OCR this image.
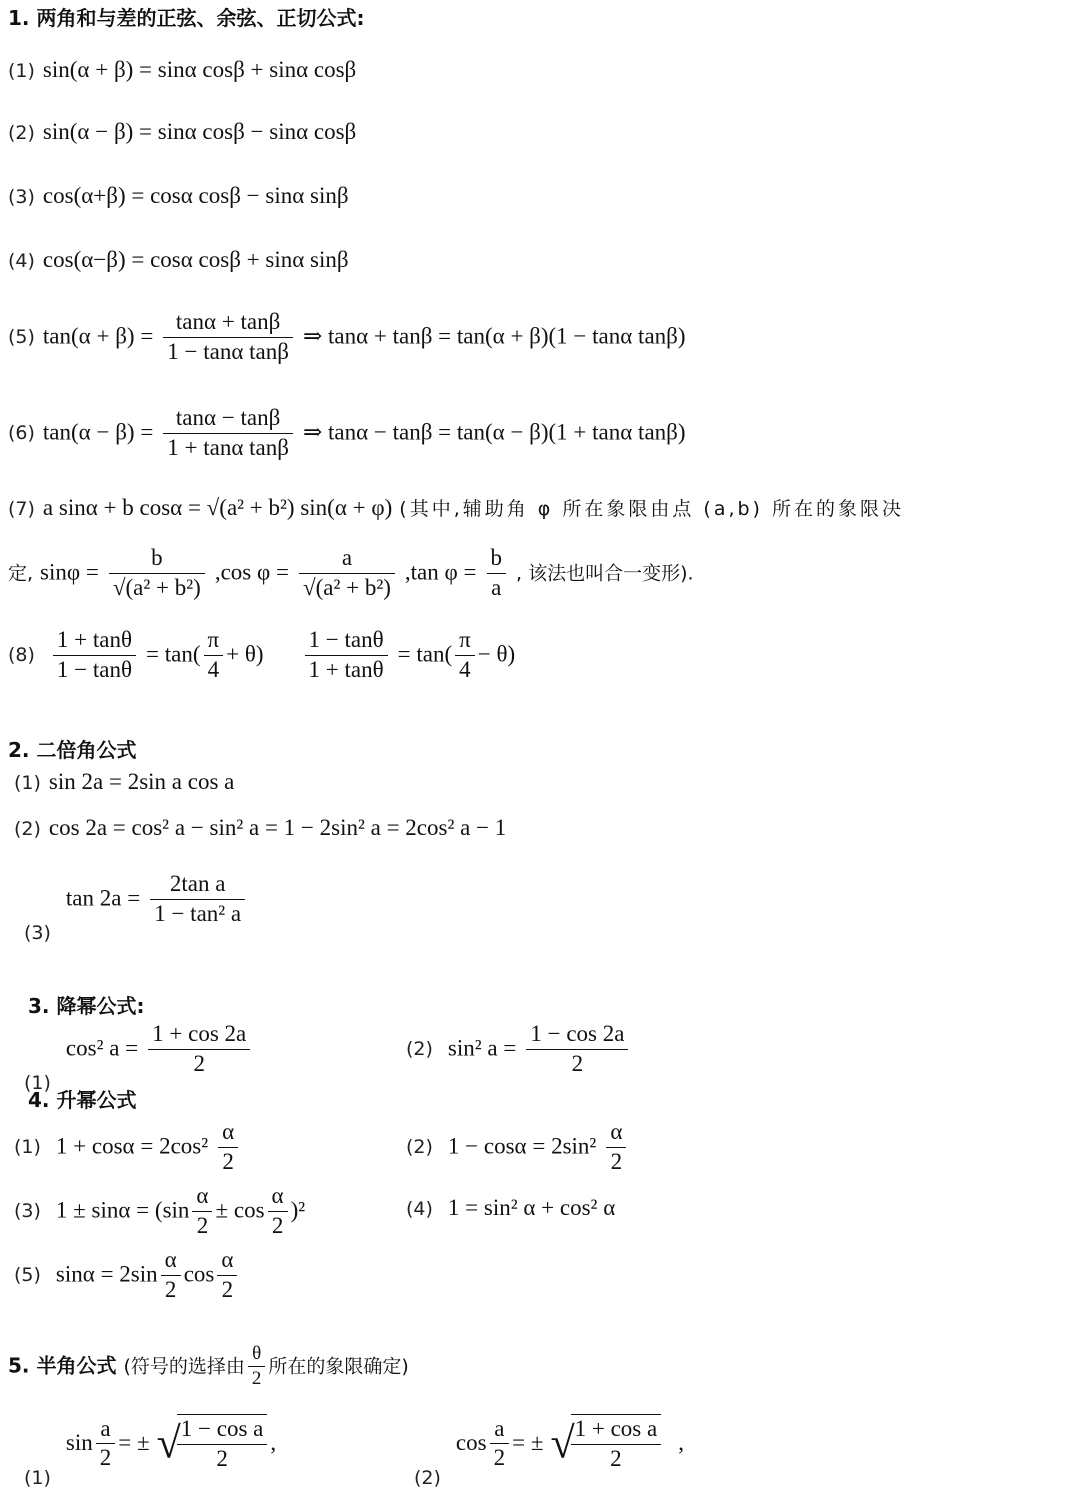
1. 两角和与差的正弦、余弦、正切公式:
(1) sin(α + β) = sinα cosβ + sinα cosβ
(2) sin(α − β) = sinα cosβ − sinα cosβ
(3) cos(α+β) = cosα cosβ − sinα sinβ
(4) cos(α−β) = cosα cosβ + sinα sinβ
(5) $\tan(\alpha + \beta) = \frac{\tan\alpha + \tan\beta}{\text{1 − tanα tanβ}}$ ⇒ tanα + tanβ = tan(α + β)(1 − tanα tanβ)
(6) $\tan(\alpha - \beta) = \frac{\tan\alpha - \tan\beta}{\text{1 + tanα tanβ}}$ ⇒ tanα − tanβ = tan(α − β)(1 + tanα tanβ)
(7) a sinα + b cosα = √(a² + b²) sin(α + φ) (其中,辅助角 φ 所在象限由点 (a,b) 所在的象限决
定, $\sin\varphi = \frac{b}{\text{√(a² + b²)}} ,\cos$ $\varphi = \frac{a}{\text{√(a² + b²)}} ,\tan$ $\varphi = \frac{b}{a}$ , 该法也叫合一变形).
$(8) \frac{1 + \tan\theta}{1 - \tan\theta} = \tan( \frac{\pi}{4} + \theta) \frac{1 - \tan\theta}{1 + \tan\theta} = \tan( \frac{\pi}{4} - \theta)$
2. 二倍角公式
(1) sin 2a = 2sin a cos a
(2) cos 2a = cos² a − sin² a = 1 − 2sin² a = 2cos² a − 1
(3) $\tan 2a = \frac{\text{2tan a}}{\text{1 − tan² a}}$
3. 降幂公式:
(1) cos² $a = \frac{1 + \cos 2a}{2}$	(2) sin² $a = \frac{1 - \cos 2a}{2}$
4. 升幂公式
(1) $1 + \cos\alpha = 2\cos^2 \frac{\alpha}{2}$	(2) $1 - \cos\alpha = 2\sin^2 \frac{\alpha}{2}$
(3) $1 \pm \sin\alpha = (\sin \frac{\alpha}{2} \pm \cos \frac{\alpha}{2} )^2$	(4) 1 = sin² α + cos² α
(5) $\sin\alpha = 2\sin \frac{\alpha}{2}$ $\cos \frac{\alpha}{2}$
5. 半角公式 (符号的选择由 $\frac{\theta}{2}$ 所在的象限确定)
(1) $\sin \frac{a}{2}$ = ± √
$\frac{\text{1 − cos a}}{2}$ ,
(2) $\cos \frac{a}{2}$ = ± √
$\frac{\text{1 + cos a}}{2}$ ,
